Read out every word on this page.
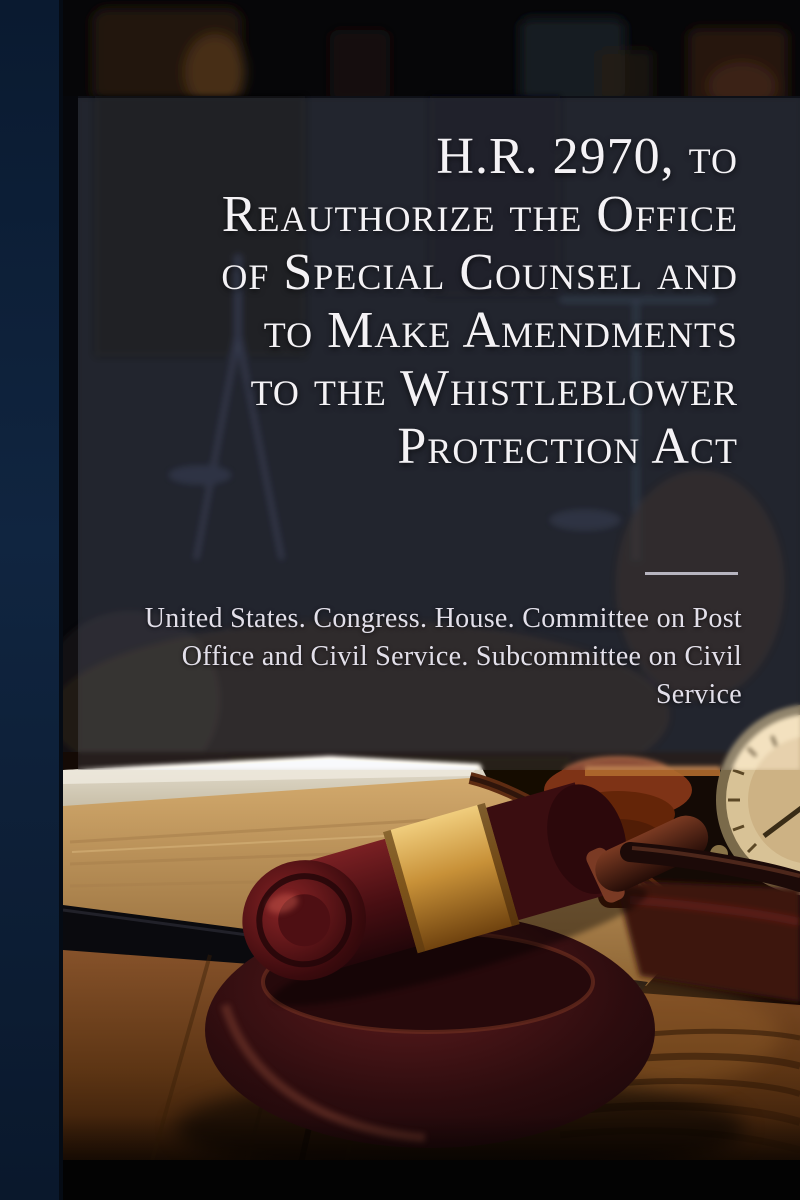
H.R. 2970, to
Reauthorize the Office
of Special Counsel and
to Make Amendments
to the Whistleblower
Protection Act
United States. Congress. House. Committee on Post
Office and Civil Service. Subcommittee on Civil
Service
